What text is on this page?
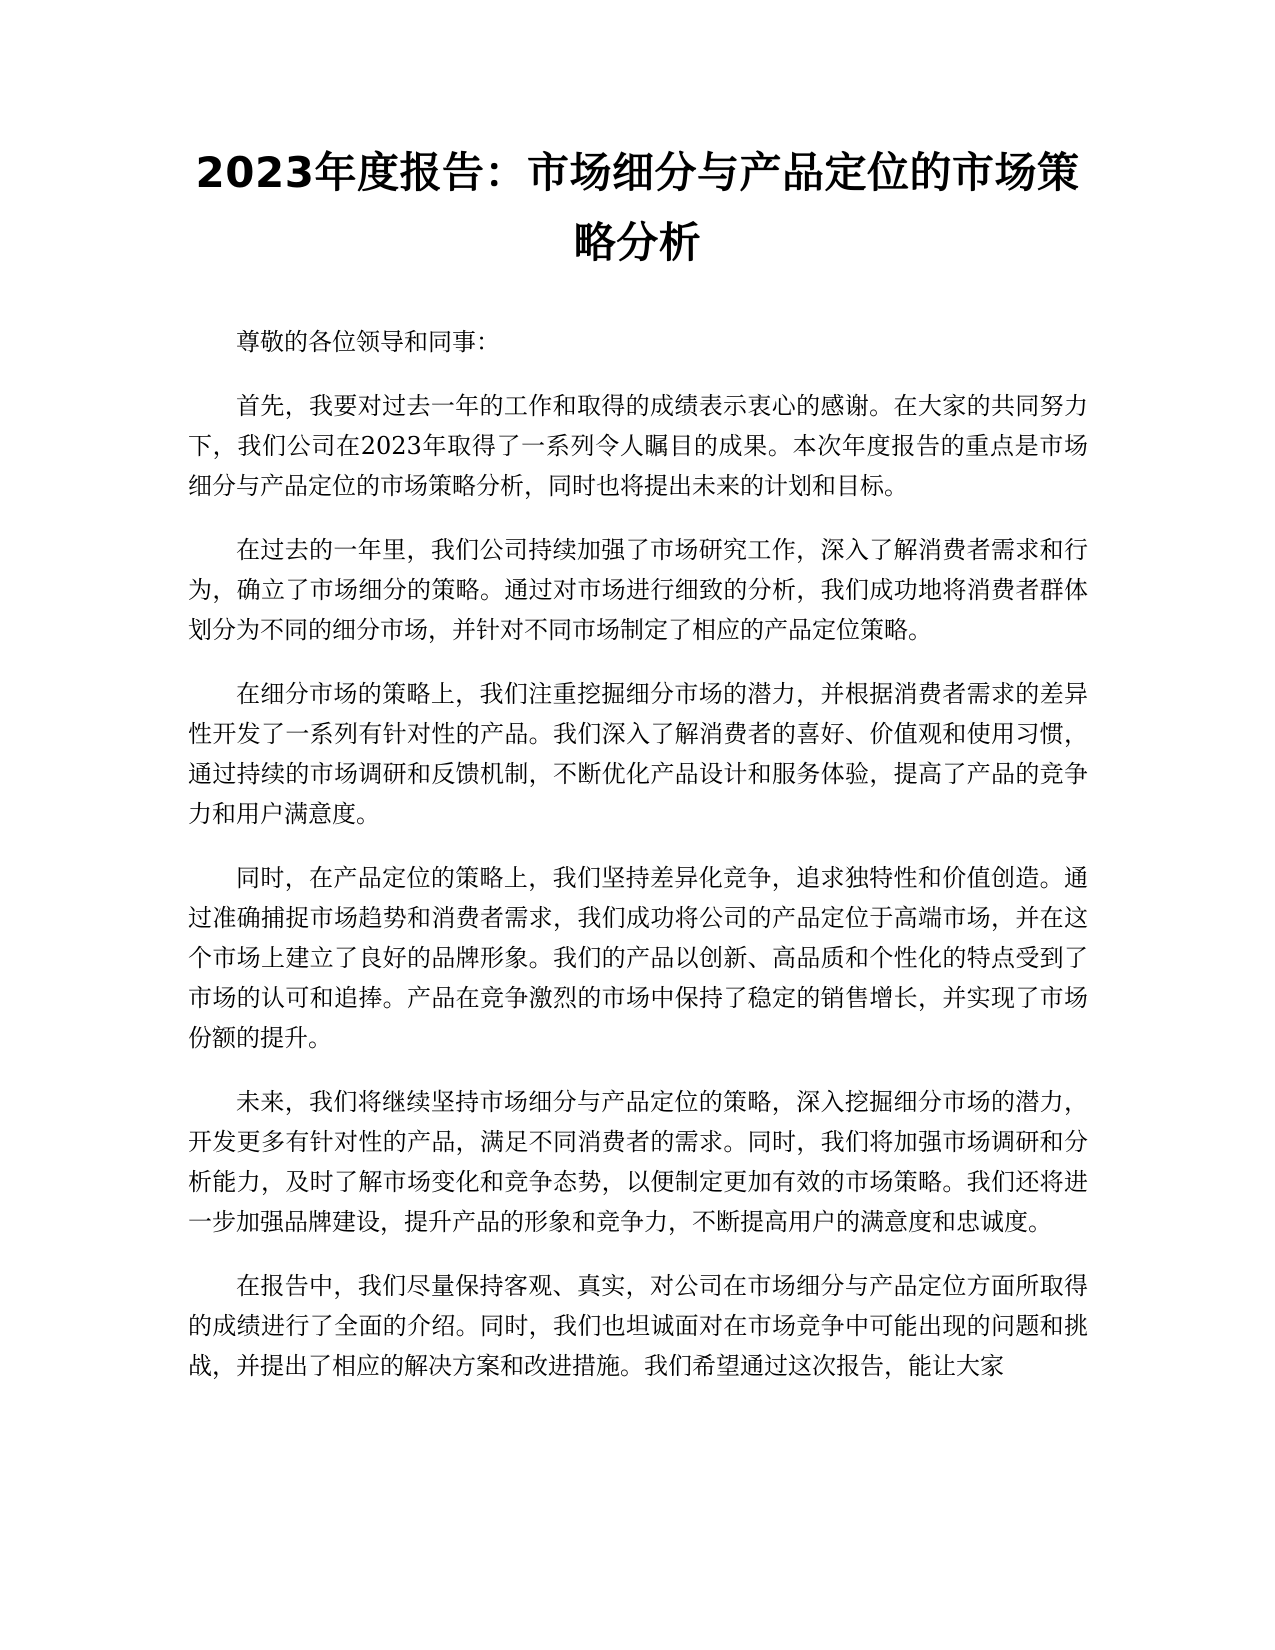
2023年度报告：市场细分与产品定位的市场策略分析

尊敬的各位领导和同事：

首先，我要对过去一年的工作和取得的成绩表示衷心的感谢。在大家的共同努力下，我们公司在2023年取得了一系列令人瞩目的成果。本次年度报告的重点是市场细分与产品定位的市场策略分析，同时也将提出未来的计划和目标。

在过去的一年里，我们公司持续加强了市场研究工作，深入了解消费者需求和行为，确立了市场细分的策略。通过对市场进行细致的分析，我们成功地将消费者群体划分为不同的细分市场，并针对不同市场制定了相应的产品定位策略。

在细分市场的策略上，我们注重挖掘细分市场的潜力，并根据消费者需求的差异性开发了一系列有针对性的产品。我们深入了解消费者的喜好、价值观和使用习惯，通过持续的市场调研和反馈机制，不断优化产品设计和服务体验，提高了产品的竞争力和用户满意度。

同时，在产品定位的策略上，我们坚持差异化竞争，追求独特性和价值创造。通过准确捕捉市场趋势和消费者需求，我们成功将公司的产品定位于高端市场，并在这个市场上建立了良好的品牌形象。我们的产品以创新、高品质和个性化的特点受到了市场的认可和追捧。产品在竞争激烈的市场中保持了稳定的销售增长，并实现了市场份额的提升。

未来，我们将继续坚持市场细分与产品定位的策略，深入挖掘细分市场的潜力，开发更多有针对性的产品，满足不同消费者的需求。同时，我们将加强市场调研和分析能力，及时了解市场变化和竞争态势，以便制定更加有效的市场策略。我们还将进一步加强品牌建设，提升产品的形象和竞争力，不断提高用户的满意度和忠诚度。

在报告中，我们尽量保持客观、真实，对公司在市场细分与产品定位方面所取得的成绩进行了全面的介绍。同时，我们也坦诚面对在市场竞争中可能出现的问题和挑战，并提出了相应的解决方案和改进措施。我们希望通过这次报告，能让大家
